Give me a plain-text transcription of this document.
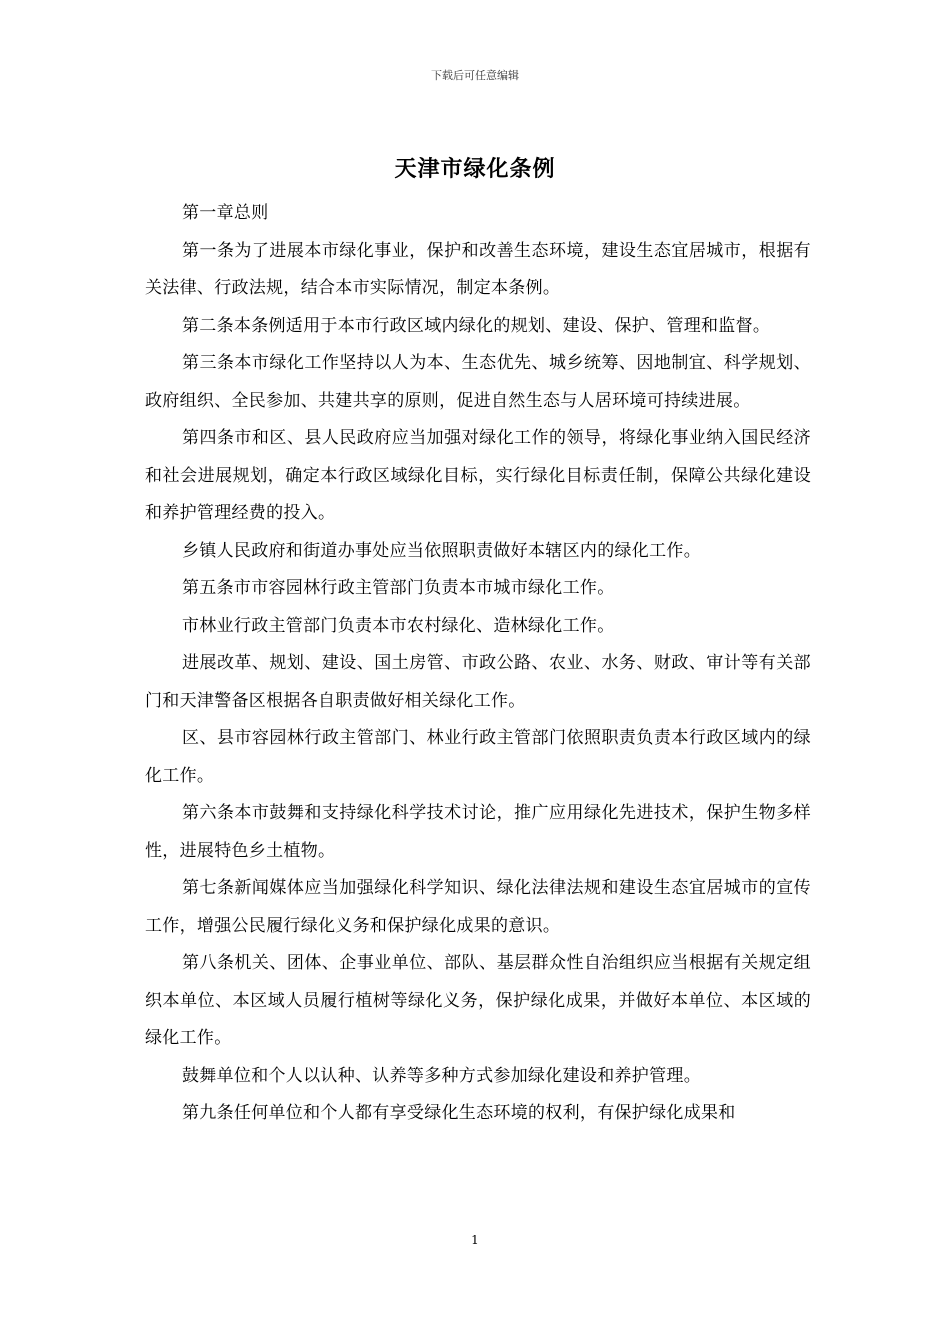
下载后可任意编辑
天津市绿化条例

第一章总则

第一条为了进展本市绿化事业，保护和改善生态环境，建设生态宜居城市，根据有关法律、行政法规，结合本市实际情况，制定本条例。

第二条本条例适用于本市行政区域内绿化的规划、建设、保护、管理和监督。

第三条本市绿化工作坚持以人为本、生态优先、城乡统筹、因地制宜、科学规划、政府组织、全民参加、共建共享的原则，促进自然生态与人居环境可持续进展。

第四条市和区、县人民政府应当加强对绿化工作的领导，将绿化事业纳入国民经济和社会进展规划，确定本行政区域绿化目标，实行绿化目标责任制，保障公共绿化建设和养护管理经费的投入。

乡镇人民政府和街道办事处应当依照职责做好本辖区内的绿化工作。

第五条市市容园林行政主管部门负责本市城市绿化工作。

市林业行政主管部门负责本市农村绿化、造林绿化工作。

进展改革、规划、建设、国土房管、市政公路、农业、水务、财政、审计等有关部门和天津警备区根据各自职责做好相关绿化工作。

区、县市容园林行政主管部门、林业行政主管部门依照职责负责本行政区域内的绿化工作。

第六条本市鼓舞和支持绿化科学技术讨论，推广应用绿化先进技术，保护生物多样性，进展特色乡土植物。

第七条新闻媒体应当加强绿化科学知识、绿化法律法规和建设生态宜居城市的宣传工作，增强公民履行绿化义务和保护绿化成果的意识。

第八条机关、团体、企事业单位、部队、基层群众性自治组织应当根据有关规定组织本单位、本区域人员履行植树等绿化义务，保护绿化成果，并做好本单位、本区域的绿化工作。

鼓舞单位和个人以认种、认养等多种方式参加绿化建设和养护管理。

第九条任何单位和个人都有享受绿化生态环境的权利，有保护绿化成果和

1
